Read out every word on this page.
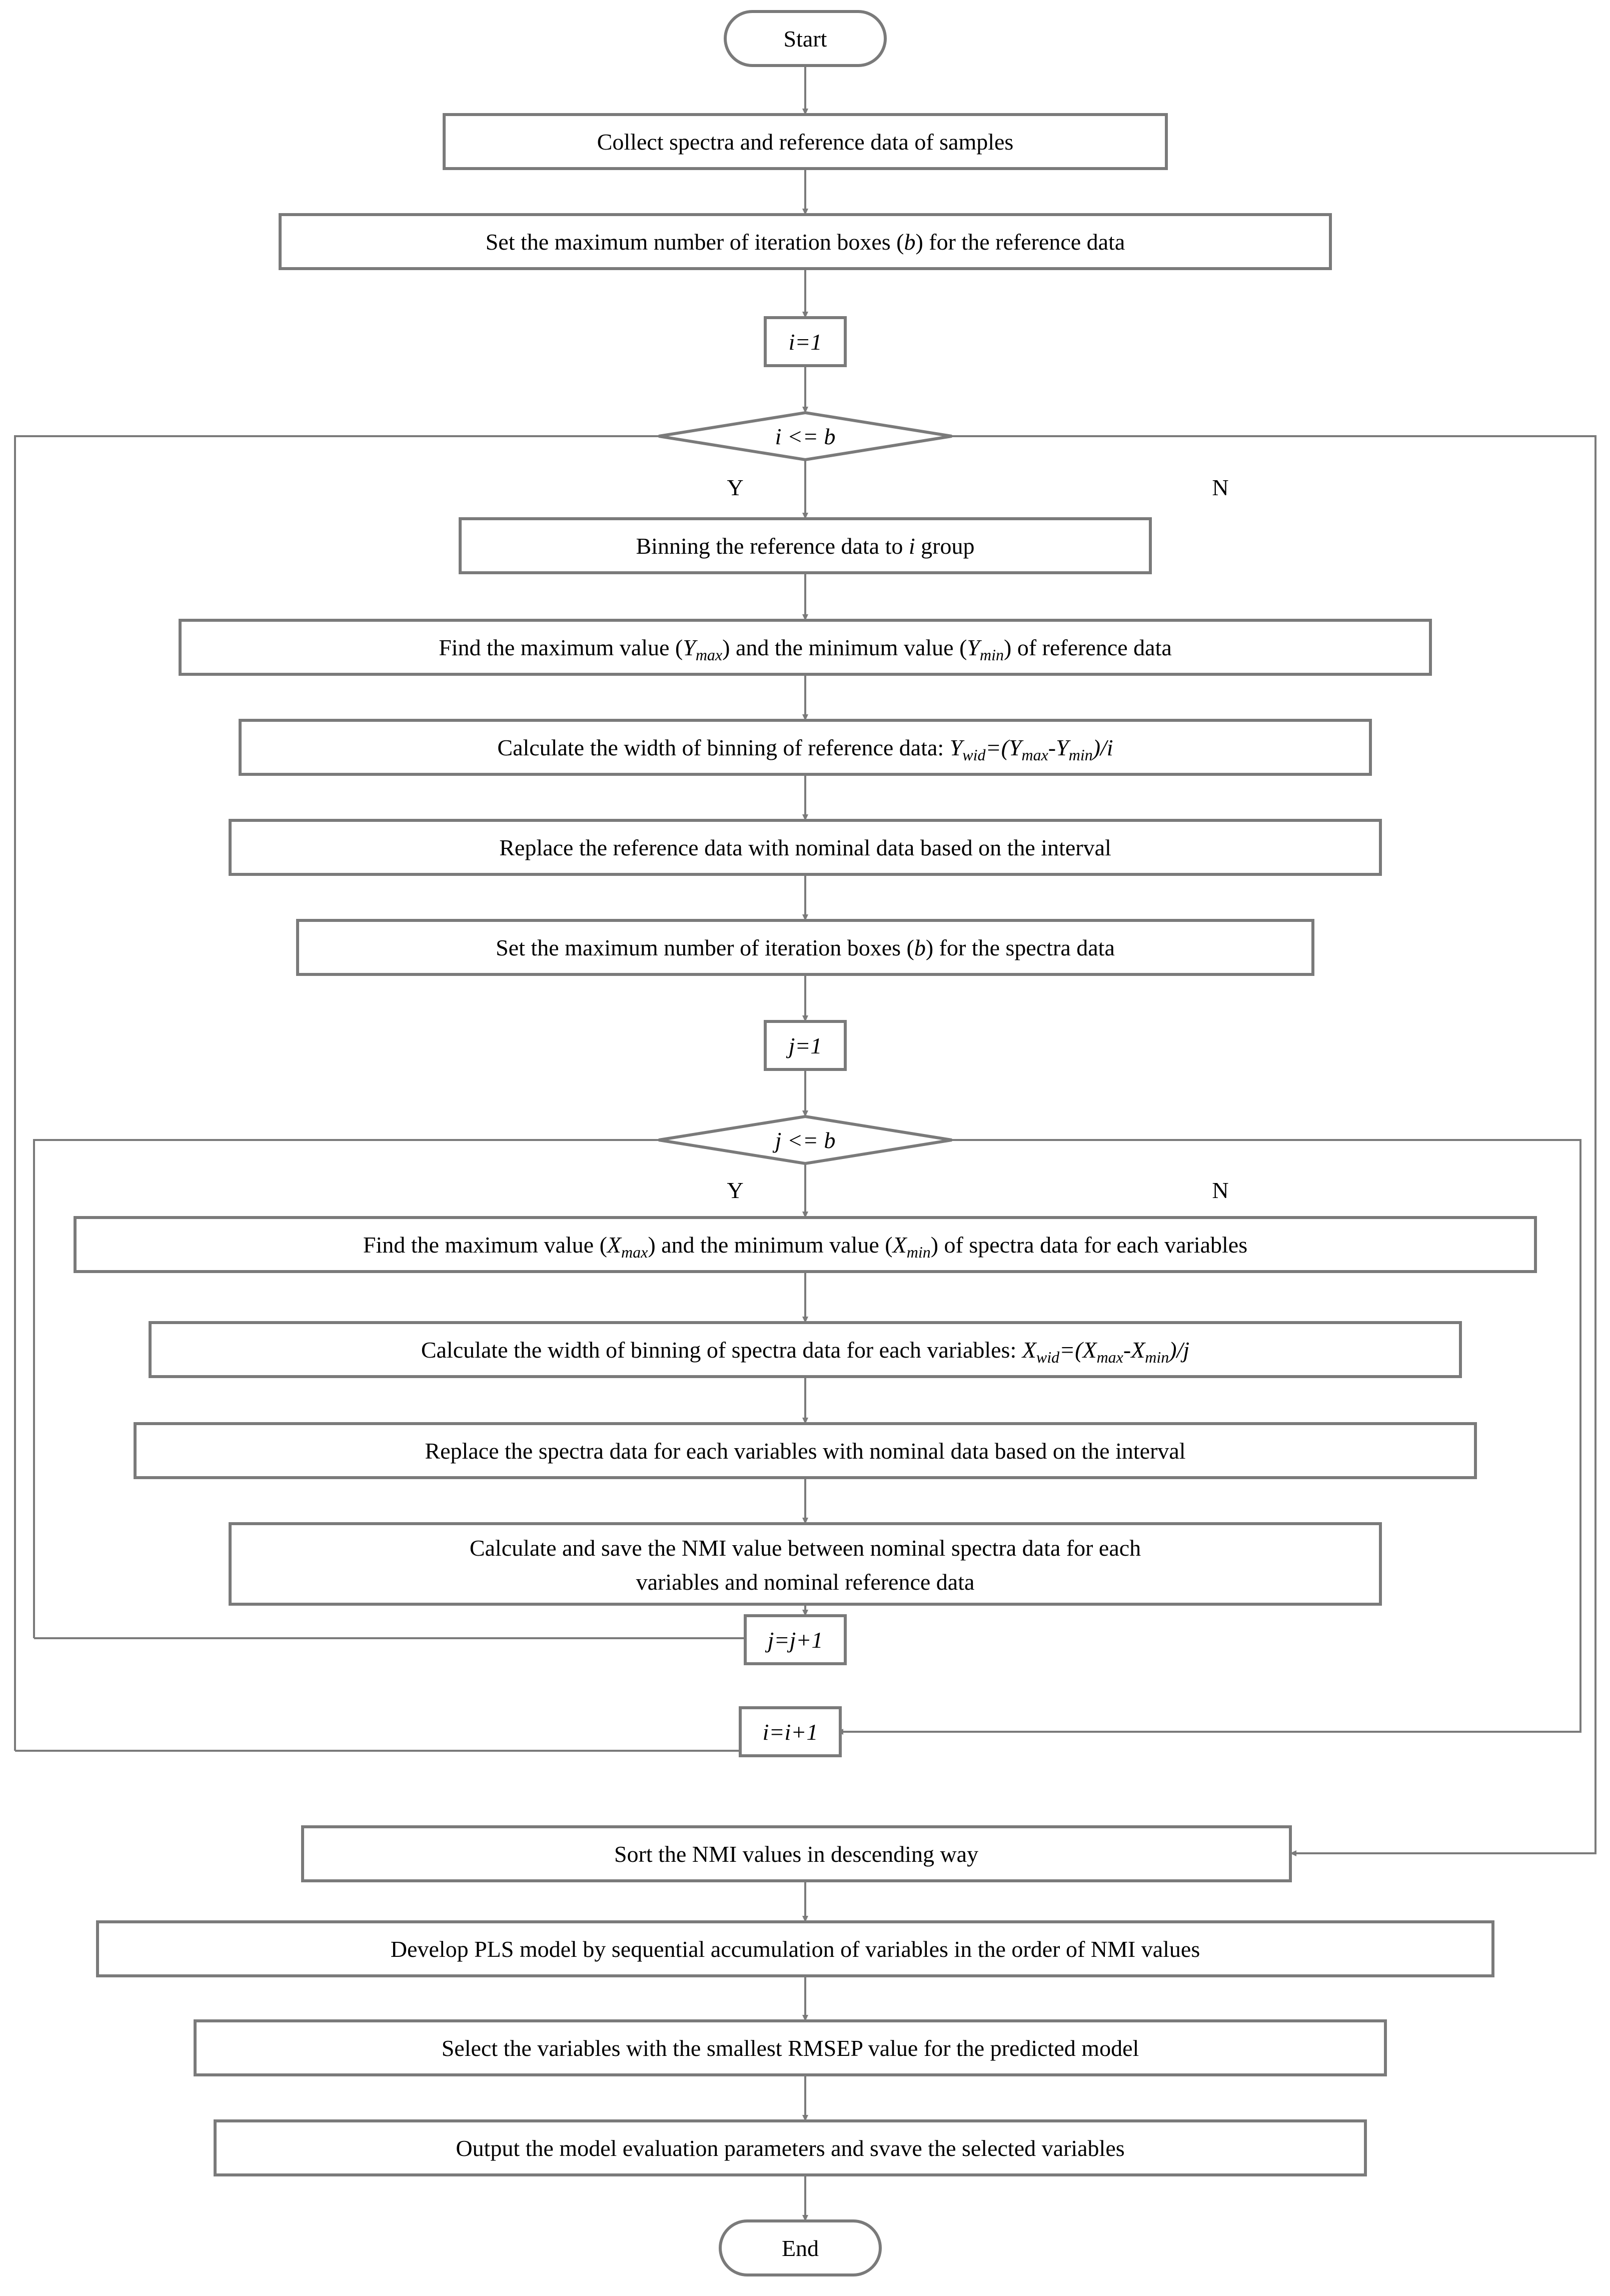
Start
Collect spectra and reference data of samples
Set the maximum number of iteration boxes (b) for the reference data
i=1
i <= b
Y	N
Binning the reference data to i group
Find the maximum value $(Y_{max})$ and the minimum value $(Y_{min})$ of reference data
Calculate the width of binning of reference data: $Y_{wid}=(Y_{max}-Y_{min})/i$
Replace the reference data with nominal data based on the interval
Set the maximum number of iteration boxes (b) for the spectra data
j=1
j <= b
Y	N
Find the maximum value $(X_{max})$ and the minimum value $(X_{min})$ of spectra data for each variables
Calculate the width of binning of spectra data for each variables: $X_{wid}=(X_{max}-X_{min})/j$
Replace the spectra data for each variables with nominal data based on the interval
Calculate and save the NMI value between nominal spectra data for each
variables and nominal reference data
j=j+1
i=i+1
Sort the NMI values in descending way
Develop PLS model by sequential accumulation of variables in the order of NMI values
Select the variables with the smallest RMSEP value for the predicted model
Output the model evaluation parameters and svave the selected variables
End
